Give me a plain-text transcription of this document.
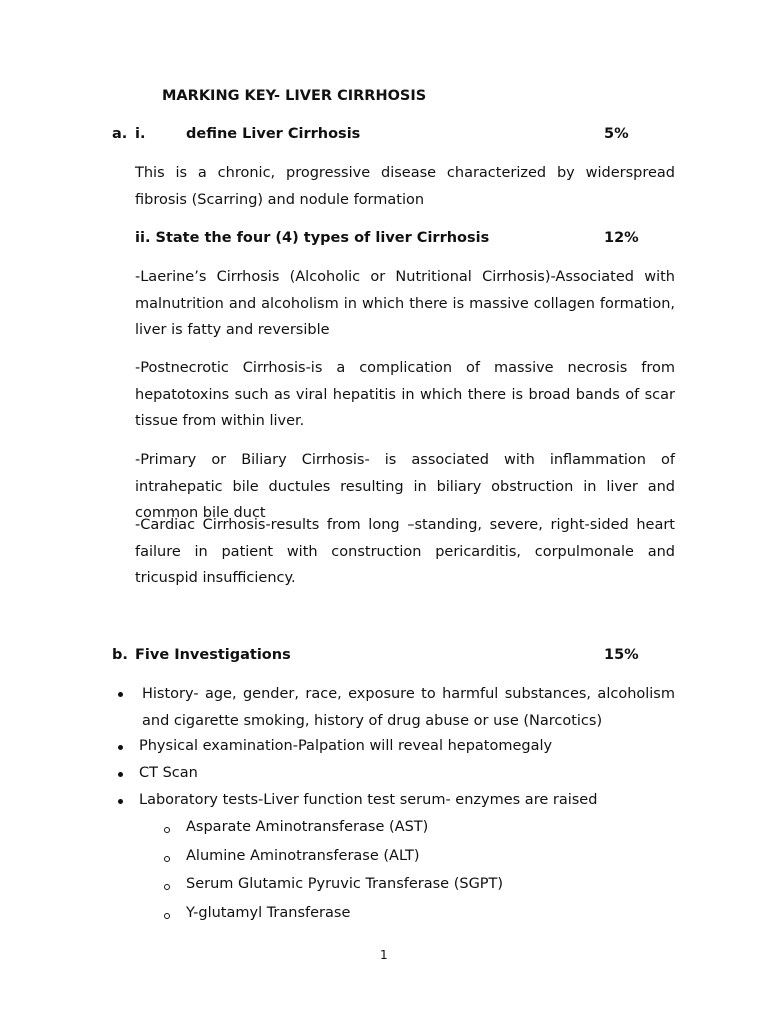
MARKING KEY- LIVER CIRRHOSIS
a. i.	define Liver Cirrhosis	5%
This is a chronic, progressive disease characterized by widerspread fibrosis (Scarring) and nodule formation
ii. State the four (4) types of liver Cirrhosis	12%
-Laerine’s Cirrhosis (Alcoholic or Nutritional Cirrhosis)-Associated with malnutrition and alcoholism in which there is massive collagen formation, liver is fatty and reversible
-Postnecrotic Cirrhosis-is a complication of massive necrosis from hepatotoxins such as viral hepatitis in which there is broad bands of scar tissue from within liver.
-Primary or Biliary Cirrhosis- is associated with inflammation of intrahepatic bile ductules resulting in biliary obstruction in liver and common bile duct
-Cardiac Cirrhosis-results from long –standing, severe, right-sided heart failure in patient with construction pericarditis, corpulmonale and tricuspid insufficiency.
b. Five Investigations	15%
History- age, gender, race, exposure to harmful substances, alcoholism and cigarette smoking, history of drug abuse or use (Narcotics)
Physical examination-Palpation will reveal hepatomegaly
CT Scan
Laboratory tests-Liver function test serum- enzymes are raised
Asparate Aminotransferase (AST)
Alumine Aminotransferase (ALT)
Serum Glutamic Pyruvic Transferase (SGPT)
Y-glutamyl Transferase
1
